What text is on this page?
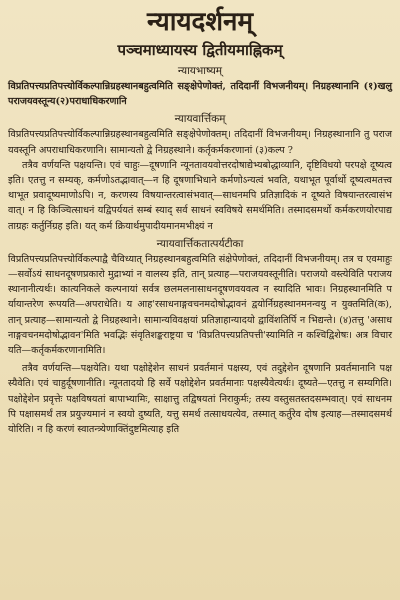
न्यायदर्शनम्
पञ्चमाध्यायस्य द्वितीयमाह्निकम्
न्यायभाष्यम्

विप्रतिपत्त्यप्रतिपत्त्योर्विकल्पान्निग्रहस्थानबहुत्वमिति सङ्क्षेपेणोक्तं, तदिदानीं विभजनीयम्। निग्रहस्थानानि (१)खलु पराजयवस्तून्य(२)पराधाधिकरणानि

न्यायवार्त्तिकम्

विप्रतिपत्त्यप्रतिपत्त्योर्विकल्पान्निग्रहस्थानबहुत्वमिति सङ्क्षेपेणोक्तम्। तदिदानीं विभजनीयम्। निग्रहस्थानानि तु पराजयवस्तूनि अपराधाधिकरणानि। सामान्यतो द्वे निग्रहस्थाने। कर्तृकर्मकरणानां (३)कल्प ?

तत्रैव वर्णयन्ति पक्षयन्ति। एवं चाहुः—दूषणानि न्यूनतावयवोत्तरदोषाद्येभ्यबोद्धाव्यानि, दृष्टिविधयो परपक्षे दूष्यत्व इति। एतत्तु न सम्यक्, कर्मणोऽतद्भावात्—न हि दूषणाभिधाने कर्मणोऽन्यत्वं भवति, यथाभूत पूर्वार्थो दूष्यत्वमतत्त्वथाभूत प्रवादूष्यमाणोऽपि। न, करणस्य विषयान्तरत्वासंभवात्—साधनमपि प्रतिज्ञादिकं न दूष्यते विषयान्तरत्वासंभवात्। न हि किञ्चित्साधनं यद्विपर्ययतं सम्बं स्याद् सर्व साधनं स्वविषये समर्थमिति। तस्मादसमर्थो कर्मकरणयोरपाद्यताग्रहः कर्तुर्निग्रह इति। यत् कर्म क्रियार्थमुपादीयमानमभीक्ष्यं न

न्यायवार्त्तिकतात्पर्यटीका

विप्रतिपत्त्यप्रतिपत्त्योर्विकल्पाद्वै चैविध्यात् निग्रहस्थानबहुत्वमिति संक्षेपेणोक्तं, तदिदानीं विभजनीयम्। तत्र च एवमाहुः—सर्वोऽयं साधनदूषणप्रकारो मुद्राभ्यां न वालस्य इति, तान् प्रत्याह—पराजयवस्तूनीति। पराजयो वस्त्येविति पराजयस्थानानीत्यर्थः। कात्यनिकले कल्पनायां सर्वत्र छलमलनासाधनदूषणवयवत्व न स्यादिति भावः। निग्रहस्थानमिति पर्यायान्तरेण रूपयति—अपराधेति। य आह'रसाधनाङ्गवचनमदोषोद्भावनं द्वयोर्निग्रहस्थानमनन्वयु न युक्तमिति(क), तान् प्रत्याह—सामान्यतो द्वे निग्रहस्थाने। सामान्यविवक्षयां प्रतिज्ञाहान्यादयो द्वाविंशतिर्पि न भिद्यन्ते। (४)तत्तु 'असाधनाङ्गवचनमदोषोद्भावन'मिति भवद्भिः संवृतिशङ्कराष्ट्रया च 'विप्रतिपत्त्यप्रतिपत्ती'स्यामिति न कश्चिद्विशेषः। अत्र विचारयति—कर्तृकर्मकरणानामिति।

तत्रैव वर्णयन्ति—पक्षयेति। यथा पक्षोद्देशेन साधनं प्रवर्तमानं पक्षस्य, एवं तदुद्देशेन दूषणानि प्रवर्तमानानि पक्षस्यैवेति। एवं चाहुर्दूषणानीति। न्यूनतादयो हि सर्वे पक्षोद्देशेन प्रवर्तमानाः पक्षस्यैवेत्यर्थः। दूष्यते—एतत्तु न सम्यगिति। पक्षोद्देशेन प्रवृत्तेः पक्षविषयतां बापाभ्यामिः, साक्षात्तु तद्विषयतां निराकुर्मः; तस्य वस्तुसतस्तदसम्भवात्। एवं साधनमपि पक्षासमर्थं तत्र प्रयुज्यमानं न स्वयो दुष्यति, यत्तु समर्थ तत्साधयत्येव, तस्मात् कर्तुरेव दोष इत्याह—तस्मादसमर्थयोरिति। न हि करणं स्वातन्त्र्येणाक्तिंदुष्टमित्याह इति
